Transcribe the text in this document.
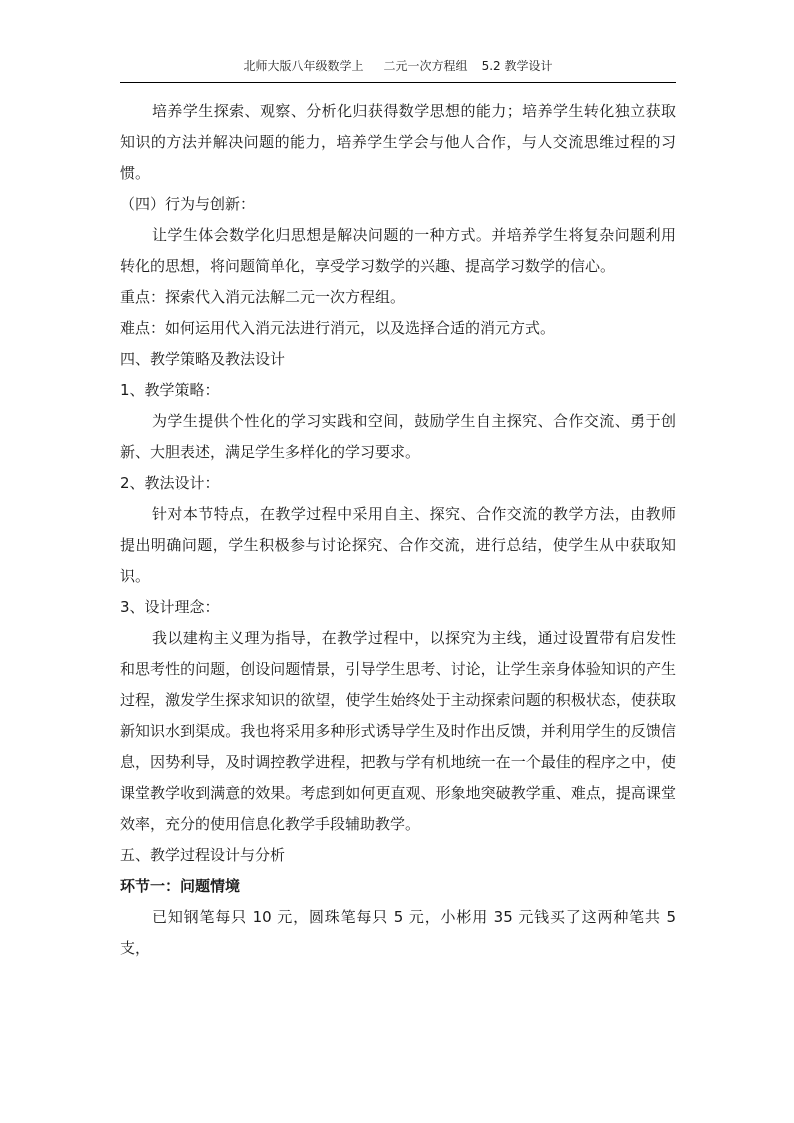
北师大版八年级数学上 二元一次方程组 5.2 教学设计

培养学生探索、观察、分析化归获得数学思想的能力；培养学生转化独立获取知识的方法并解决问题的能力，培养学生学会与他人合作，与人交流思维过程的习惯。

（四）行为与创新：

让学生体会数学化归思想是解决问题的一种方式。并培养学生将复杂问题利用转化的思想，将问题简单化，享受学习数学的兴趣、提高学习数学的信心。

重点：探索代入消元法解二元一次方程组。

难点：如何运用代入消元法进行消元，以及选择合适的消元方式。

四、教学策略及教法设计

1、教学策略：

为学生提供个性化的学习实践和空间，鼓励学生自主探究、合作交流、勇于创新、大胆表述，满足学生多样化的学习要求。

2、教法设计：

针对本节特点，在教学过程中采用自主、探究、合作交流的教学方法，由教师提出明确问题，学生积极参与讨论探究、合作交流，进行总结，使学生从中获取知识。

3、设计理念：

我以建构主义理为指导，在教学过程中，以探究为主线，通过设置带有启发性和思考性的问题，创设问题情景，引导学生思考、讨论，让学生亲身体验知识的产生过程，激发学生探求知识的欲望，使学生始终处于主动探索问题的积极状态，使获取新知识水到渠成。我也将采用多种形式诱导学生及时作出反馈，并利用学生的反馈信息，因势利导，及时调控教学进程，把教与学有机地统一在一个最佳的程序之中，使课堂教学收到满意的效果。考虑到如何更直观、形象地突破教学重、难点，提高课堂效率，充分的使用信息化教学手段辅助教学。

五、教学过程设计与分析

环节一：问题情境

已知钢笔每只 10 元，圆珠笔每只 5 元，小彬用 35 元钱买了这两种笔共 5 支，
